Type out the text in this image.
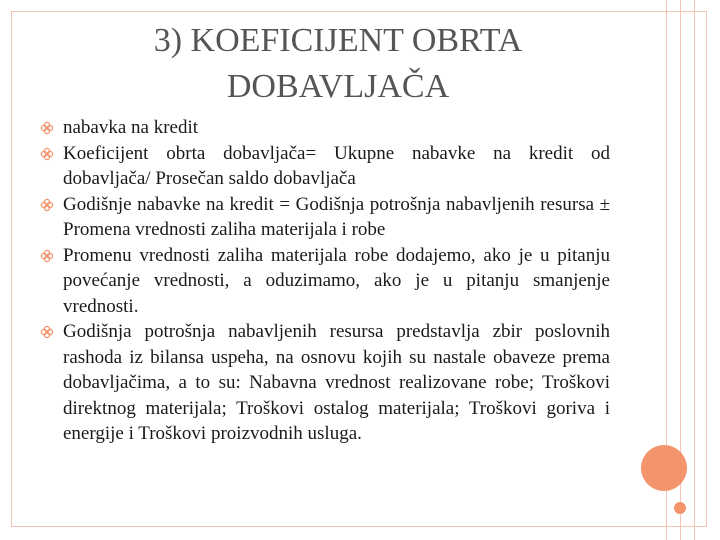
3) KOEFICIJENT OBRTA
DOBAVLJAČA
nabavka na kredit
Koeficijent obrta dobavljača= Ukupne nabavke na kredit od dobavljača/ Prosečan saldo dobavljača
Godišnje nabavke na kredit = Godišnja potrošnja nabavljenih resursa ± Promena vrednosti zaliha materijala i robe
Promenu vrednosti zaliha materijala robe dodajemo, ako je u pitanju povećanje vrednosti, a oduzimamo, ako je u pitanju smanjenje vrednosti.
Godišnja potrošnja nabavljenih resursa predstavlja zbir poslovnih rashoda iz bilansa uspeha, na osnovu kojih su nastale obaveze prema dobavljačima, a to su: Nabavna vrednost realizovane robe; Troškovi direktnog materijala; Troškovi ostalog materijala; Troškovi goriva i energije i Troškovi proizvodnih usluga.
